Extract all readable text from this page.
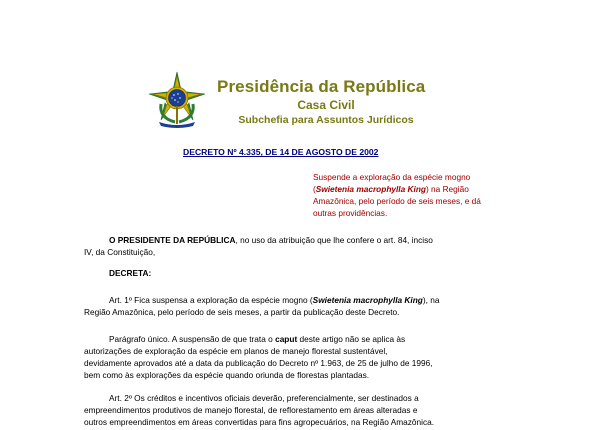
Presidência da República
Casa Civil
Subchefia para Assuntos Jurídicos
DECRETO Nº 4.335, DE 14 DE AGOSTO DE 2002
Suspende a exploração da espécie mogno
(Swietenia macrophylla King) na Região
Amazônica, pelo período de seis meses, e dá
outras providências.
O PRESIDENTE DA REPÚBLICA, no uso da atribuição que lhe confere o art. 84, inciso
IV, da Constituição,
DECRETA:
Art. 1º Fica suspensa a exploração da espécie mogno (Swietenia macrophylla King), na
Região Amazônica, pelo período de seis meses, a partir da publicação deste Decreto.
Parágrafo único. A suspensão de que trata o caput deste artigo não se aplica às
autorizações de exploração da espécie em planos de manejo florestal sustentável,
devidamente aprovados até a data da publicação do Decreto nº 1.963, de 25 de julho de 1996,
bem como às explorações da espécie quando oriunda de florestas plantadas.
Art. 2º Os créditos e incentivos oficiais deverão, preferencialmente, ser destinados a
empreendimentos produtivos de manejo florestal, de reflorestamento em áreas alteradas e
outros empreendimentos em áreas convertidas para fins agropecuários, na Região Amazônica.
